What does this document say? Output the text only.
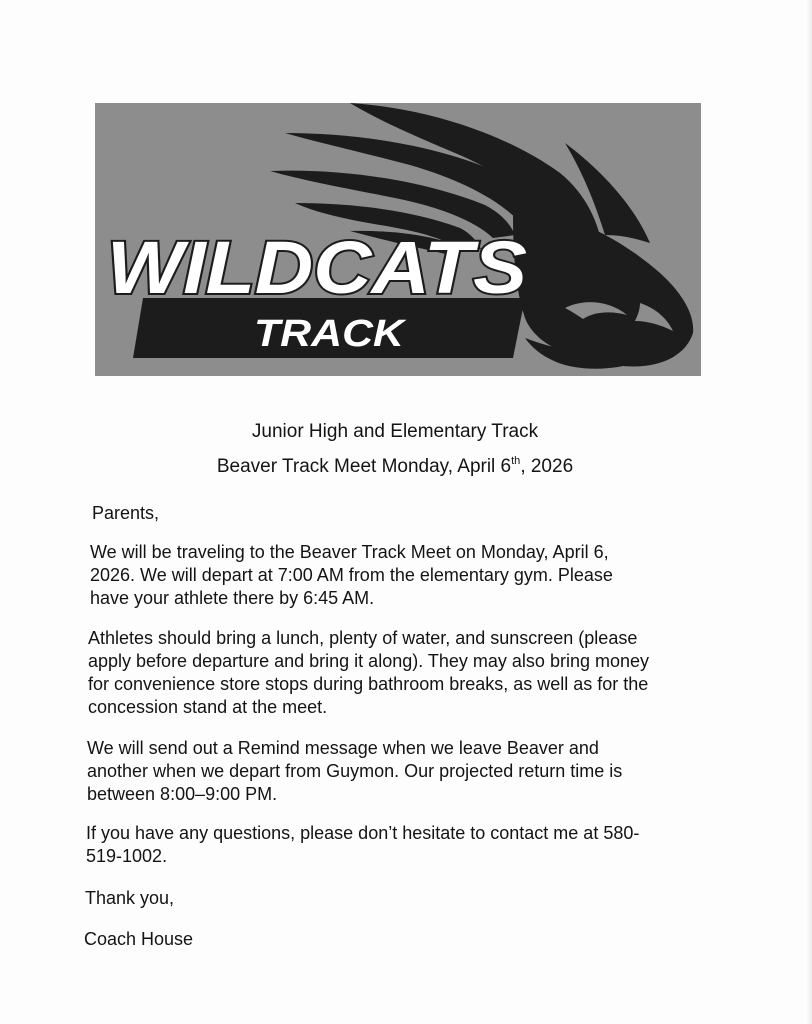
WILDCATS
TRACK
Junior High and Elementary Track
Beaver Track Meet Monday, April 6th, 2026
Parents,
We will be traveling to the Beaver Track Meet on Monday, April 6,
2026. We will depart at 7:00 AM from the elementary gym. Please
have your athlete there by 6:45 AM.
Athletes should bring a lunch, plenty of water, and sunscreen (please
apply before departure and bring it along). They may also bring money
for convenience store stops during bathroom breaks, as well as for the
concession stand at the meet.
We will send out a Remind message when we leave Beaver and
another when we depart from Guymon. Our projected return time is
between 8:00–9:00 PM.
If you have any questions, please don’t hesitate to contact me at 580-
519-1002.
Thank you,
Coach House
